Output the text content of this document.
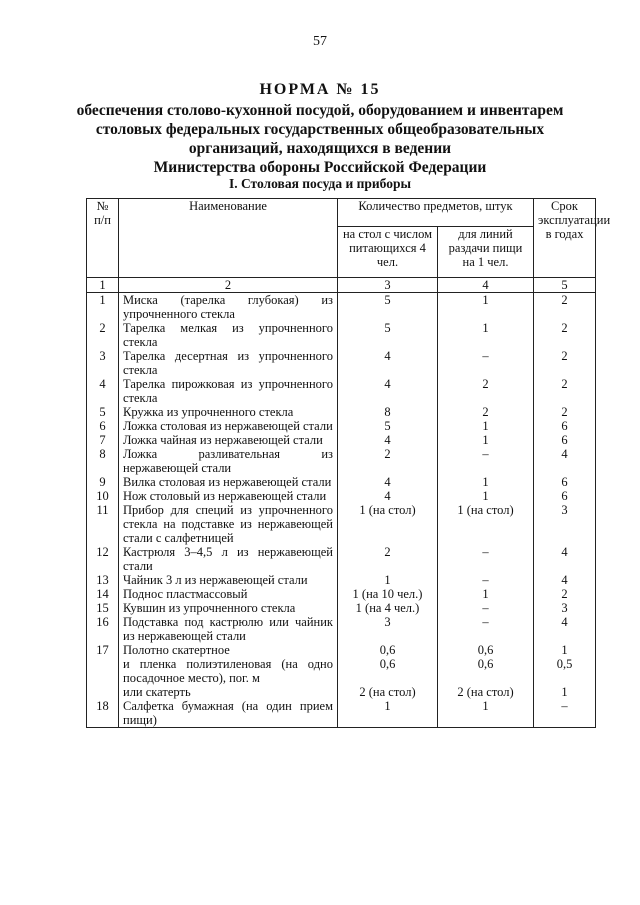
57
НОРМА № 15
обеспечения столово-кухонной посудой, оборудованием и инвентарем
столовых федеральных государственных общеобразовательных
организаций, находящихся в ведении
Министерства обороны Российской Федерации
I. Столовая посуда и приборы
№ п/п	Наименование	Количество предметов, штук		Срок эксплуатации в годах
		на стол с числом питающихся 4 чел.	для линий раздачи пищи на 1 чел.	
1	2	3	4	5
1	Миска (тарелка глубокая) из упрочненного стекла	5	1	2
2	Тарелка мелкая из упрочненного стекла	5	1	2
3	Тарелка десертная из упрочненного стекла	4	–	2
4	Тарелка пирожковая из упрочненного стекла	4	2	2
5	Кружка из упрочненного стекла	8	2	2
6	Ложка столовая из нержавеющей стали	5	1	6
7	Ложка чайная из нержавеющей стали	4	1	6
8	Ложка разливательная из нержавеющей стали	2	–	4
9	Вилка столовая из нержавеющей стали	4	1	6
10	Нож столовый из нержавеющей стали	4	1	6
11	Прибор для специй из упрочненного стекла на подставке из нержавеющей стали с салфетницей	1 (на стол)	1 (на стол)	3
12	Кастрюля 3–4,5 л из нержавеющей стали	2	–	4
13	Чайник 3 л из нержавеющей стали	1	–	4
14	Поднос пластмассовый	1 (на 10 чел.)	1	2
15	Кувшин из упрочненного стекла	1 (на 4 чел.)	–	3
16	Подставка под кастрюлю или чайник из нержавеющей стали	3	–	4
17	Полотно скатертное	0,6	0,6	1
	и пленка полиэтиленовая (на одно посадочное место), пог. м	0,6	0,6	0,5
	или скатерть	2 (на стол)	2 (на стол)	1
18	Салфетка бумажная (на один прием пищи)	1	1	–
